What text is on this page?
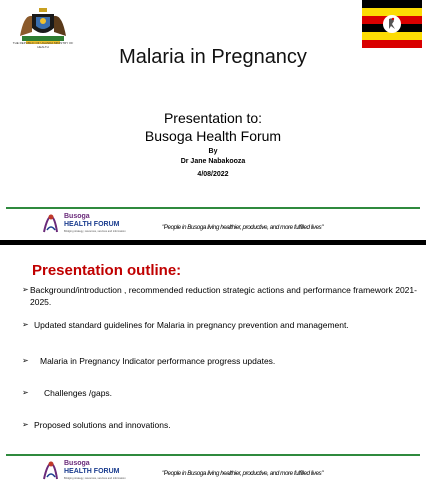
THE REPUBLIC OF UGANDA MINISTRY OF HEALTH	Malaria in Pregnancy
Presentation to:
Busoga Health Forum
By
Dr Jane Nabakooza
4/08/2022
Busoga
HEALTH FORUM
Bridging strategy, resources, services and information
"People in Busoga living healthier, productive, and more fulfilled lives"
Presentation outline:
➢ Background/introduction , recommended reduction strategic actions and performance framework 2021-2025.
➢ Updated standard guidelines for Malaria in pregnancy prevention and management.
➢	Malaria in Pregnancy Indicator performance progress updates.
➢	Challenges /gaps.
➢ Proposed solutions and innovations.
Busoga
HEALTH FORUM
Bridging strategy, resources, services and information
"People in Busoga living healthier, productive, and more fulfilled lives"
